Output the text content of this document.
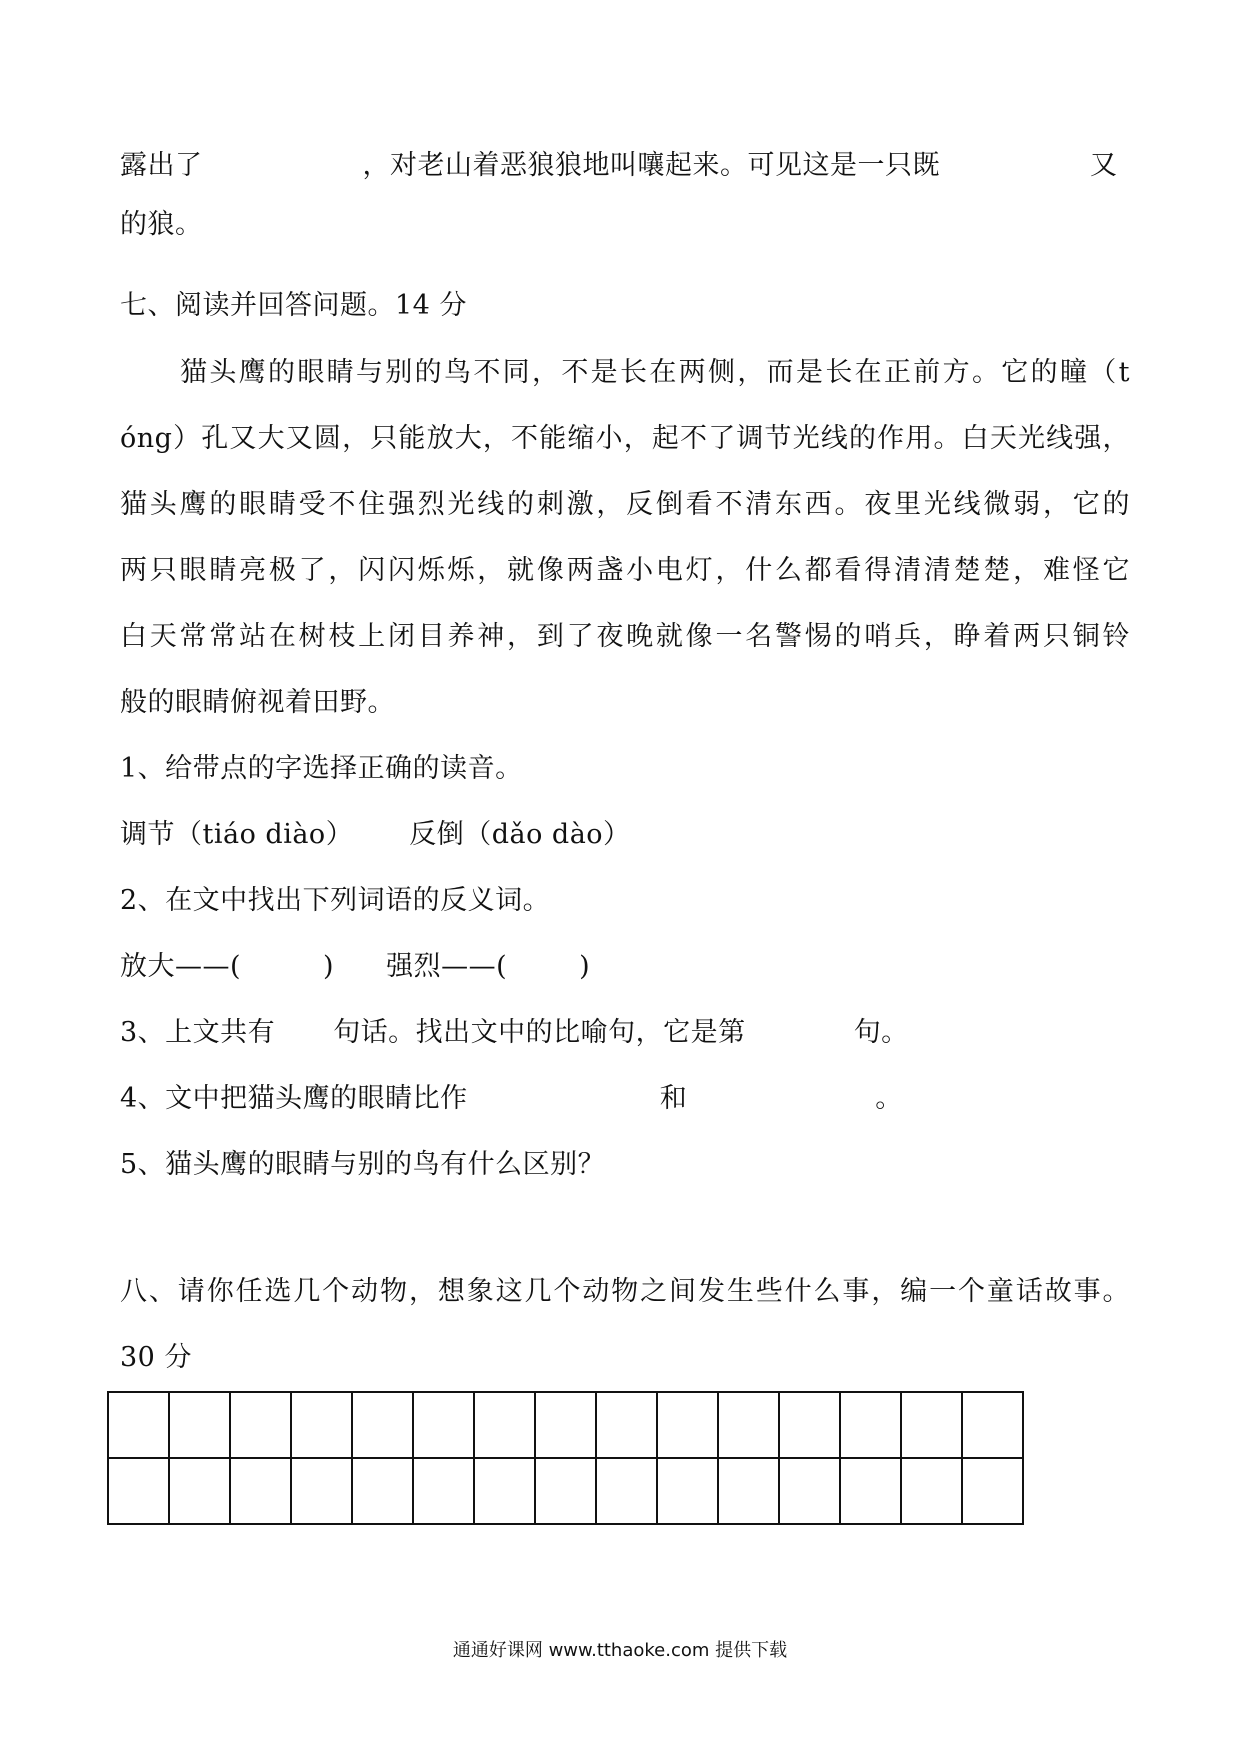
露出了	，对老山着恶狼狼地叫嚷起来。可见这是一只既	又
的狼。
七、阅读并回答问题。14 分
猫头鹰的眼睛与别的鸟不同，不是长在两侧，而是长在正前方。它的瞳（t
óng）孔又大又圆，只能放大，不能缩小，起不了调节光线的作用。白天光线强，
猫头鹰的眼睛受不住强烈光线的刺激，反倒看不清东西。夜里光线微弱，它的
两只眼睛亮极了，闪闪烁烁，就像两盏小电灯，什么都看得清清楚楚，难怪它
白天常常站在树枝上闭目养神，到了夜晚就像一名警惕的哨兵，睁着两只铜铃
般的眼睛俯视着田野。
1、给带点的字选择正确的读音。
调节（tiáo diào） 反倒（dǎo dào）
2、在文中找出下列词语的反义词。
放大——(	) 强烈——(	)
3、上文共有 句话。找出文中的比喻句，它是第	句。
4、文中把猫头鹰的眼睛比作	和	。
5、猫头鹰的眼睛与别的鸟有什么区别？
八、请你任选几个动物，想象这几个动物之间发生些什么事，编一个童话故事。
30 分
通通好课网 www.tthaoke.com 提供下载
